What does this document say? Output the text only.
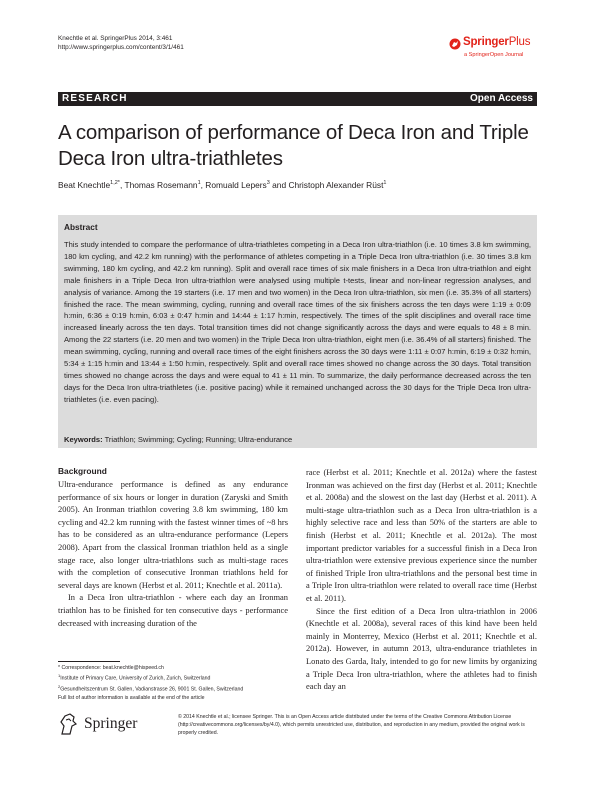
Knechtle et al. SpringerPlus 2014, 3:461
http://www.springerplus.com/content/3/1/461	SpringerPlus
a SpringerOpen Journal
RESEARCH	Open Access
A comparison of performance of Deca Iron and Triple Deca Iron ultra-triathletes
Beat Knechtle$^{1,2*}$, Thomas Rosemann$^1$, Romuald Lepers$^3$ and Christoph Alexander Rüst$^1$
Abstract
This study intended to compare the performance of ultra-triathletes competing in a Deca Iron ultra-triathlon (i.e. 10 times 3.8 km swimming, 180 km cycling, and 42.2 km running) with the performance of athletes competing in a Triple Deca Iron ultra-triathlon (i.e. 30 times 3.8 km swimming, 180 km cycling, and 42.2 km running). Split and overall race times of six male finishers in a Deca Iron ultra-triathlon and eight male finishers in a Triple Deca Iron ultra-triathlon were analysed using multiple t-tests, linear and non-linear regression analyses, and analysis of variance. Among the 19 starters (i.e. 17 men and two women) in the Deca Iron ultra-triathlon, six men (i.e. 35.3% of all starters) finished the race. The mean swimming, cycling, running and overall race times of the six finishers across the ten days were 1:19 ± 0:09 h:min, 6:36 ± 0:19 h:min, 6:03 ± 0:47 h:min and 14:44 ± 1:17 h:min, respectively. The times of the split disciplines and overall race time increased linearly across the ten days. Total transition times did not change significantly across the days and were equals to 48 ± 8 min. Among the 22 starters (i.e. 20 men and two women) in the Triple Deca Iron ultra-triathlon, eight men (i.e. 36.4% of all starters) finished. The mean swimming, cycling, running and overall race times of the eight finishers across the 30 days were 1:11 ± 0:07 h:min, 6:19 ± 0:32 h:min, 5:34 ± 1:15 h:min and 13:44 ± 1:50 h:min, respectively. Split and overall race times showed no change across the 30 days. Total transition times showed no change across the days and were equal to 41 ± 11 min. To summarize, the daily performance decreased across the ten days for the Deca Iron ultra-triathletes (i.e. positive pacing) while it remained unchanged across the 30 days for the Triple Deca Iron ultra-triathletes (i.e. even pacing).
Keywords: Triathlon; Swimming; Cycling; Running; Ultra-endurance
Background

Ultra-endurance performance is defined as any endurance performance of six hours or longer in duration (Zaryski and Smith 2005). An Ironman triathlon covering 3.8 km swimming, 180 km cycling and 42.2 km running with the fastest winner times of ~8 hrs has to be considered as an ultra-endurance performance (Lepers 2008). Apart from the classical Ironman triathlon held as a single stage race, also longer ultra-triathlons such as multi-stage races with the completion of consecutive Ironman triathlons held for several days are known (Herbst et al. 2011; Knechtle et al. 2011a).

In a Deca Iron ultra-triathlon - where each day an Ironman triathlon has to be finished for ten consecutive days - performance decreased with increasing duration of the

race (Herbst et al. 2011; Knechtle et al. 2012a) where the fastest Ironman was achieved on the first day (Herbst et al. 2011; Knechtle et al. 2008a) and the slowest on the last day (Herbst et al. 2011). A multi-stage ultra-triathlon such as a Deca Iron ultra-triathlon is a highly selective race and less than 50% of the starters are able to finish (Herbst et al. 2011; Knechtle et al. 2012a). The most important predictor variables for a successful finish in a Deca Iron ultra-triathlon were extensive previous experience since the number of finished Triple Iron ultra-triathlons and the personal best time in a Triple Iron ultra-triathlon were related to overall race time (Herbst et al. 2011).

Since the first edition of a Deca Iron ultra-triathlon in 2006 (Knechtle et al. 2008a), several races of this kind have been held mainly in Monterrey, Mexico (Herbst et al. 2011; Knechtle et al. 2012a). However, in autumn 2013, ultra-endurance triathletes in Lonato des Garda, Italy, intended to go for new limits by organizing a Triple Deca Iron ultra-triathlon, where the athletes had to finish each day an

* Correspondence: beat.knechtle@hispeed.ch
$^1$Institute of Primary Care, University of Zurich, Zurich, Switzerland
$^2$Gesundheitszentrum St. Gallen, Vadianstrasse 26, 9001 St. Gallen, Switzerland
Full list of author information is available at the end of the article
Springer	© 2014 Knechtle et al.; licensee Springer. This is an Open Access article distributed under the terms of the Creative Commons Attribution License (http://creativecommons.org/licenses/by/4.0), which permits unrestricted use, distribution, and reproduction in any medium, provided the original work is properly credited.
